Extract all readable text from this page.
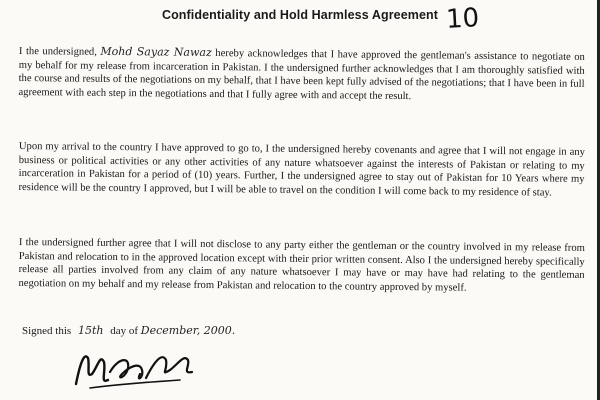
Confidentiality and Hold Harmless Agreement 10
I the undersigned, Mohd Sayaz Nawaz hereby acknowledges that I have approved the gentleman's assistance to negotiate on my behalf for my release from incarceration in Pakistan. I the undersigned further acknowledges that I am thoroughly satisfied with the course and results of the negotiations on my behalf, that I have been kept fully advised of the negotiations; that I have been in full agreement with each step in the negotiations and that I fully agree with and accept the result.
Upon my arrival to the country I have approved to go to, I the undersigned hereby covenants and agree that I will not engage in any business or political activities or any other activities of any nature whatsoever against the interests of Pakistan or relating to my incarceration in Pakistan for a period of (10) years. Further, I the undersigned agree to stay out of Pakistan for 10 Years where my residence will be the country I approved, but I will be able to travel on the condition I will come back to my residence of stay.
I the undersigned further agree that I will not disclose to any party either the gentleman or the country involved in my release from Pakistan and relocation to in the approved location except with their prior written consent. Also I the undersigned hereby specifically release all parties involved from any claim of any nature whatsoever I may have or may have had relating to the gentleman negotiation on my behalf and my release from Pakistan and relocation to the country approved by myself.
Signed this 15th day of December, 2000.
